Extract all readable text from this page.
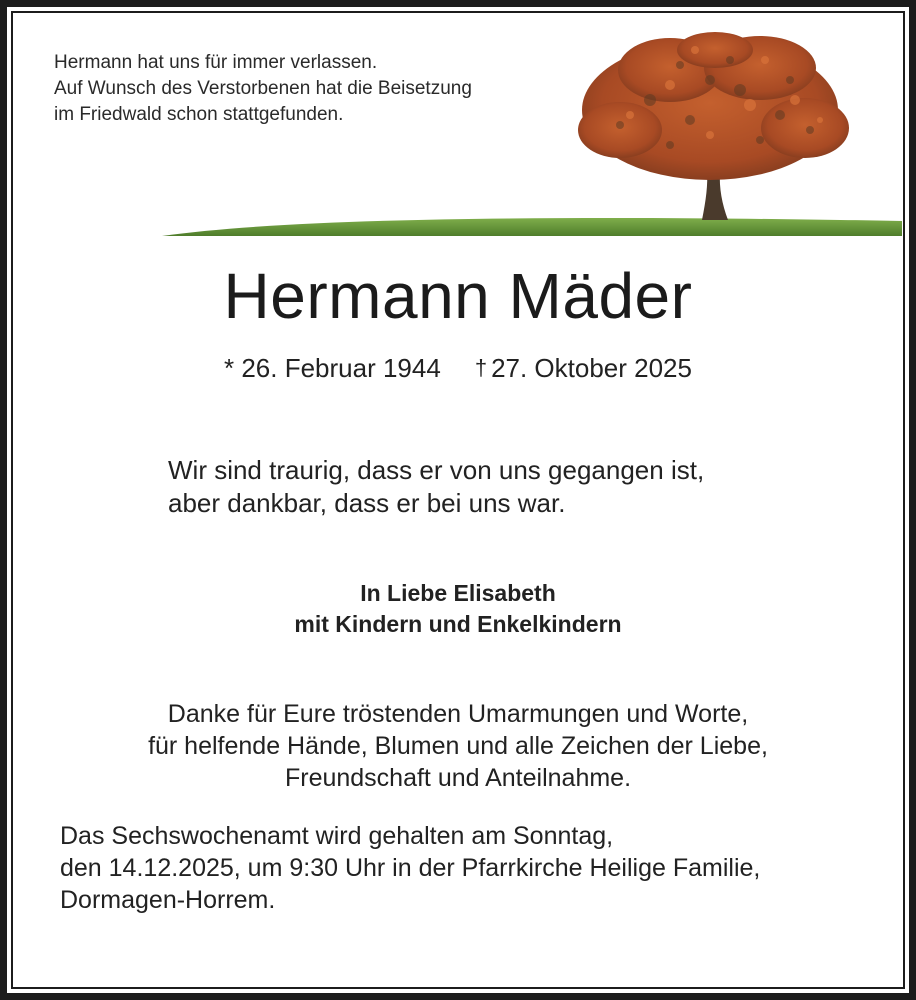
Hermann hat uns für immer verlassen.
Auf Wunsch des Verstorbenen hat die Beisetzung
im Friedwald schon stattgefunden.
Hermann Mäder
* 26. Februar 1944 † 27. Oktober 2025
Wir sind traurig, dass er von uns gegangen ist,
aber dankbar, dass er bei uns war.
In Liebe Elisabeth
mit Kindern und Enkelkindern
Danke für Eure tröstenden Umarmungen und Worte,
für helfende Hände, Blumen und alle Zeichen der Liebe,
Freundschaft und Anteilnahme.
Das Sechswochenamt wird gehalten am Sonntag,
den 14.12.2025, um 9:30 Uhr in der Pfarrkirche Heilige Familie,
Dormagen-Horrem.
